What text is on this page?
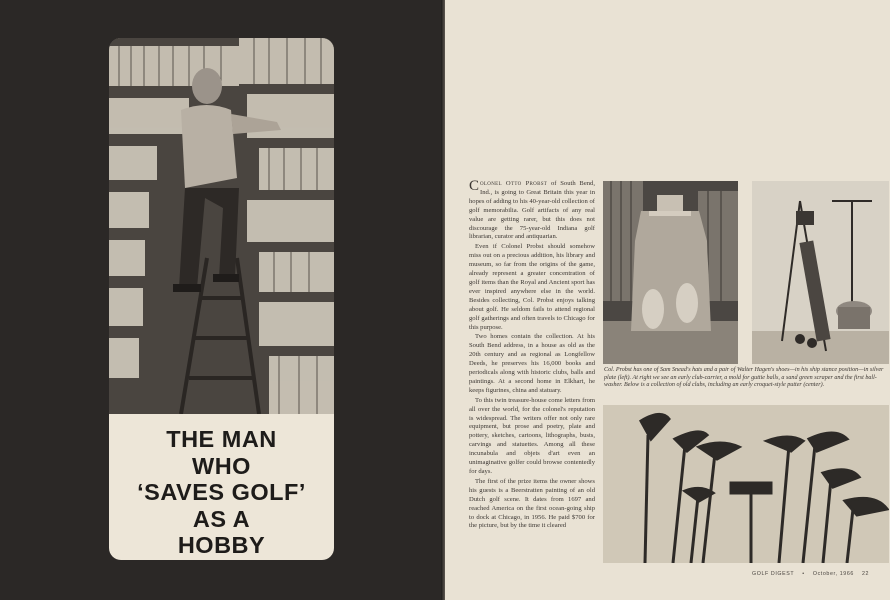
THE MAN
WHO
‘SAVES GOLF’
AS A
HOBBY

Colonel Otto Probst of South Bend, Ind., is going to Great Britain this year in hopes of adding to his 40-year-old collection of golf memorabilia. Golf artifacts of any real value are getting rarer, but this does not discourage the 75-year-old Indiana golf librarian, curator and antiquarian.

Even if Colonel Probst should somehow miss out on a precious addition, his library and museum, so far from the origins of the game, already represent a greater concentration of golf items than the Royal and Ancient sport has ever inspired anywhere else in the world. Besides collecting, Col. Probst enjoys talking about golf. He seldom fails to attend regional golf gatherings and often travels to Chicago for this purpose.

Two homes contain the collection. At his South Bend address, in a house as old as the 20th century and as regional as Longfellow Deeds, he preserves his 16,000 books and periodicals along with historic clubs, balls and paintings. At a second home in Elkhart, he keeps figurines, china and statuary.

To this twin treasure-house come letters from all over the world, for the colonel's reputation is widespread. The writers offer not only rare equipment, but prose and poetry, plate and pottery, sketches, cartoons, lithographs, busts, carvings and statuettes. Among all these incunabula and objets d'art even an unimaginative golfer could browse contentedly for days.

The first of the prize items the owner shows his guests is a Beerstratten painting of an old Dutch golf scene. It dates from 1697 and reached America on the first ocean-going ship to dock at Chicago, in 1956. He paid $700 for the picture, but by the time it cleared

Col. Probst has one of Sam Snead's hats and a pair of Walter Hagen's shoes—in his ship stance position—in silver plate (left). At right we see an early club-carrier, a mold for guttie balls, a sand green scraper and the first ball-washer. Below is a collection of old clubs, including an early croquet-style putter (center).
GOLF DIGEST • October, 1966 22
